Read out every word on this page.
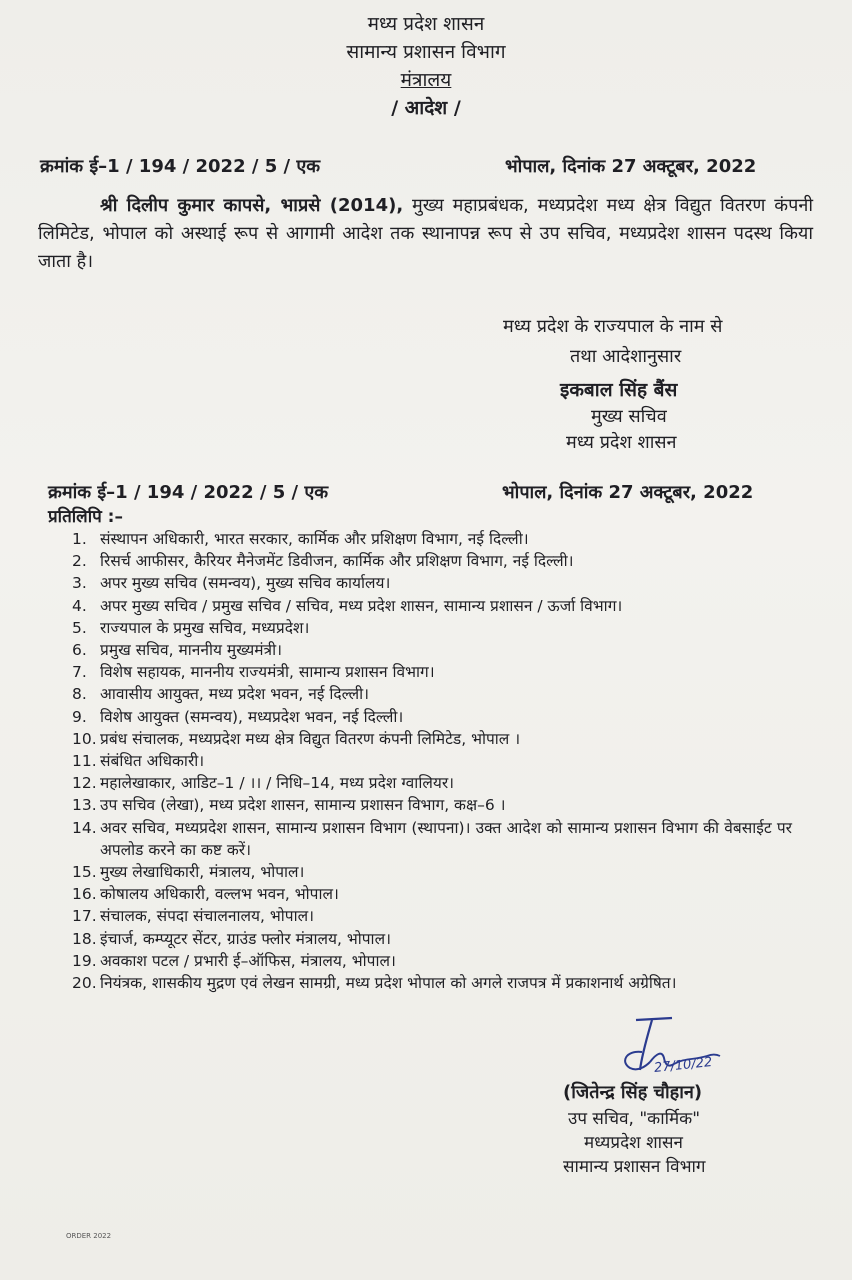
मध्य प्रदेश शासन
सामान्य प्रशासन विभाग
मंत्रालय
/ आदेश /
क्रमांक ई–1 / 194 / 2022 / 5 / एक	भोपाल, दिनांक 27 अक्टूबर, 2022
श्री दिलीप कुमार कापसे, भाप्रसे (2014), मुख्य महाप्रबंधक, मध्यप्रदेश मध्य क्षेत्र विद्युत वितरण कंपनी लिमिटेड, भोपाल को अस्थाई रूप से आगामी आदेश तक स्थानापन्न रूप से उप सचिव, मध्यप्रदेश शासन पदस्थ किया जाता है।
मध्य प्रदेश के राज्यपाल के नाम से
तथा आदेशानुसार
इकबाल सिंह बैंस
मुख्य सचिव
मध्य प्रदेश शासन
क्रमांक ई–1 / 194 / 2022 / 5 / एक	भोपाल, दिनांक 27 अक्टूबर, 2022
प्रतिलिपि :–
1. संस्थापन अधिकारी, भारत सरकार, कार्मिक और प्रशिक्षण विभाग, नई दिल्ली।
2. रिसर्च आफीसर, कैरियर मैनेजमेंट डिवीजन, कार्मिक और प्रशिक्षण विभाग, नई दिल्ली।
3. अपर मुख्य सचिव (समन्वय), मुख्य सचिव कार्यालय।
4. अपर मुख्य सचिव / प्रमुख सचिव / सचिव, मध्य प्रदेश शासन, सामान्य प्रशासन / ऊर्जा विभाग।
5. राज्यपाल के प्रमुख सचिव, मध्यप्रदेश।
6. प्रमुख सचिव, माननीय मुख्यमंत्री।
7. विशेष सहायक, माननीय राज्यमंत्री, सामान्य प्रशासन विभाग।
8. आवासीय आयुक्त, मध्य प्रदेश भवन, नई दिल्ली।
9. विशेष आयुक्त (समन्वय), मध्यप्रदेश भवन, नई दिल्ली।
10. प्रबंध संचालक, मध्यप्रदेश मध्य क्षेत्र विद्युत वितरण कंपनी लिमिटेड, भोपाल ।
11. संबंधित अधिकारी।
12. महालेखाकार, आडिट–1 / ।। / निधि–14, मध्य प्रदेश ग्वालियर।
13. उप सचिव (लेखा), मध्य प्रदेश शासन, सामान्य प्रशासन विभाग, कक्ष–6 ।
14. अवर सचिव, मध्यप्रदेश शासन, सामान्य प्रशासन विभाग (स्थापना)। उक्त आदेश को सामान्य प्रशासन विभाग की वेबसाईट पर अपलोड करने का कष्ट करें।
15. मुख्य लेखाधिकारी, मंत्रालय, भोपाल।
16. कोषालय अधिकारी, वल्लभ भवन, भोपाल।
17. संचालक, संपदा संचालनालय, भोपाल।
18. इंचार्ज, कम्प्यूटर सेंटर, ग्राउंड फ्लोर मंत्रालय, भोपाल।
19. अवकाश पटल / प्रभारी ई–ऑफिस, मंत्रालय, भोपाल।
20. नियंत्रक, शासकीय मुद्रण एवं लेखन सामग्री, मध्य प्रदेश भोपाल को अगले राजपत्र में प्रकाशनार्थ अग्रेषित।
27/10/22
(जितेन्द्र सिंह चौहान)
उप सचिव, "कार्मिक"
मध्यप्रदेश शासन
सामान्य प्रशासन विभाग
ORDER 2022
